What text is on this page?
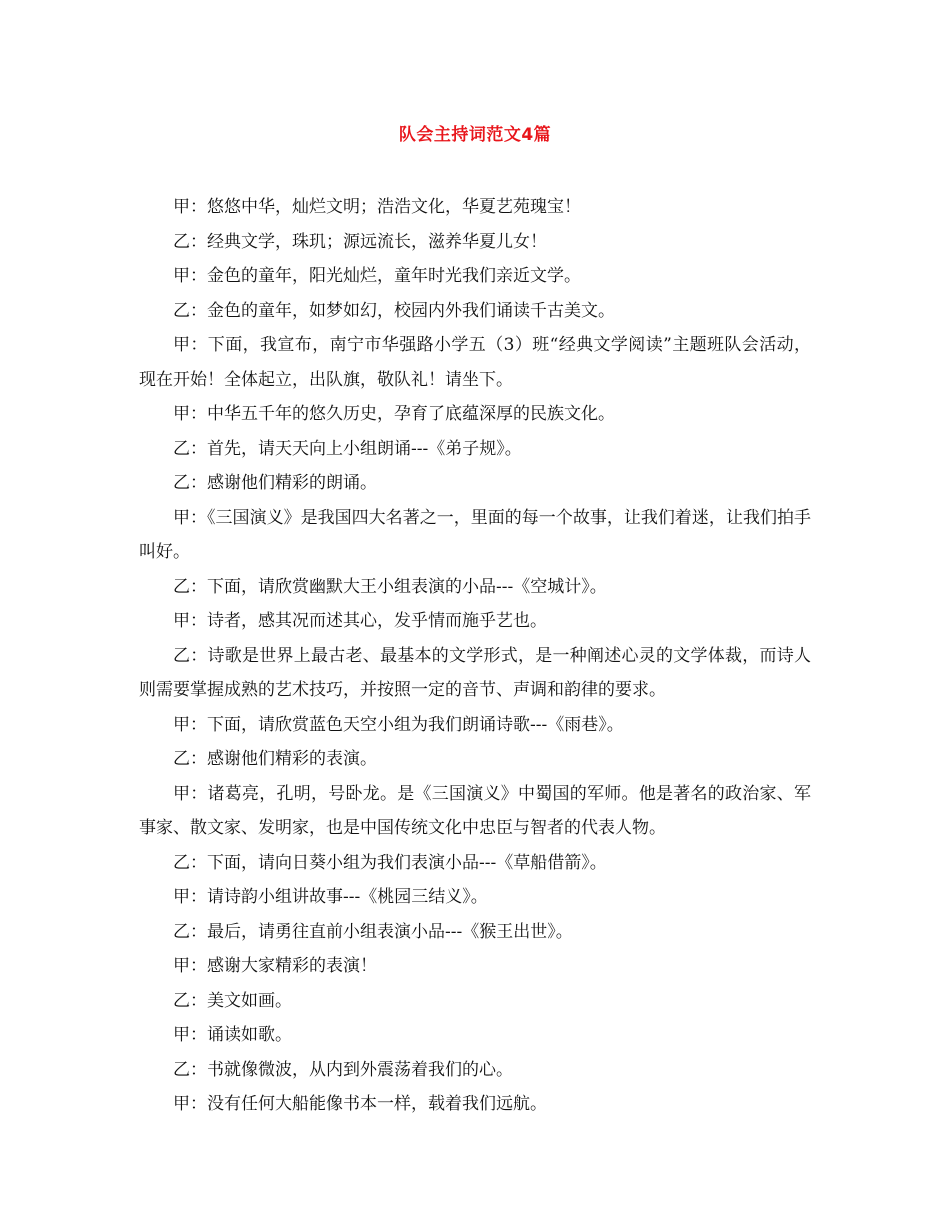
队会主持词范文4篇

甲：悠悠中华，灿烂文明；浩浩文化，华夏艺苑瑰宝！

乙：经典文学，珠玑；源远流长，滋养华夏儿女！

甲：金色的童年，阳光灿烂，童年时光我们亲近文学。

乙：金色的童年，如梦如幻，校园内外我们诵读千古美文。

甲：下面，我宣布，南宁市华强路小学五（3）班“经典文学阅读”主题班队会活动，现在开始！全体起立，出队旗，敬队礼！请坐下。

甲：中华五千年的悠久历史，孕育了底蕴深厚的民族文化。

乙：首先，请天天向上小组朗诵---《弟子规》。

乙：感谢他们精彩的朗诵。

甲：《三国演义》是我国四大名著之一，里面的每一个故事，让我们着迷，让我们拍手叫好。

乙：下面，请欣赏幽默大王小组表演的小品---《空城计》。

甲：诗者，感其况而述其心，发乎情而施乎艺也。

乙：诗歌是世界上最古老、最基本的文学形式，是一种阐述心灵的文学体裁，而诗人则需要掌握成熟的艺术技巧，并按照一定的音节、声调和韵律的要求。

甲：下面，请欣赏蓝色天空小组为我们朗诵诗歌---《雨巷》。

乙：感谢他们精彩的表演。

甲：诸葛亮，孔明，号卧龙。是《三国演义》中蜀国的军师。他是著名的政治家、军事家、散文家、发明家，也是中国传统文化中忠臣与智者的代表人物。

乙：下面，请向日葵小组为我们表演小品---《草船借箭》。

甲：请诗韵小组讲故事---《桃园三结义》。

乙：最后，请勇往直前小组表演小品---《猴王出世》。

甲：感谢大家精彩的表演！

乙：美文如画。

甲：诵读如歌。

乙：书就像微波，从内到外震荡着我们的心。

甲：没有任何大船能像书本一样，载着我们远航。
